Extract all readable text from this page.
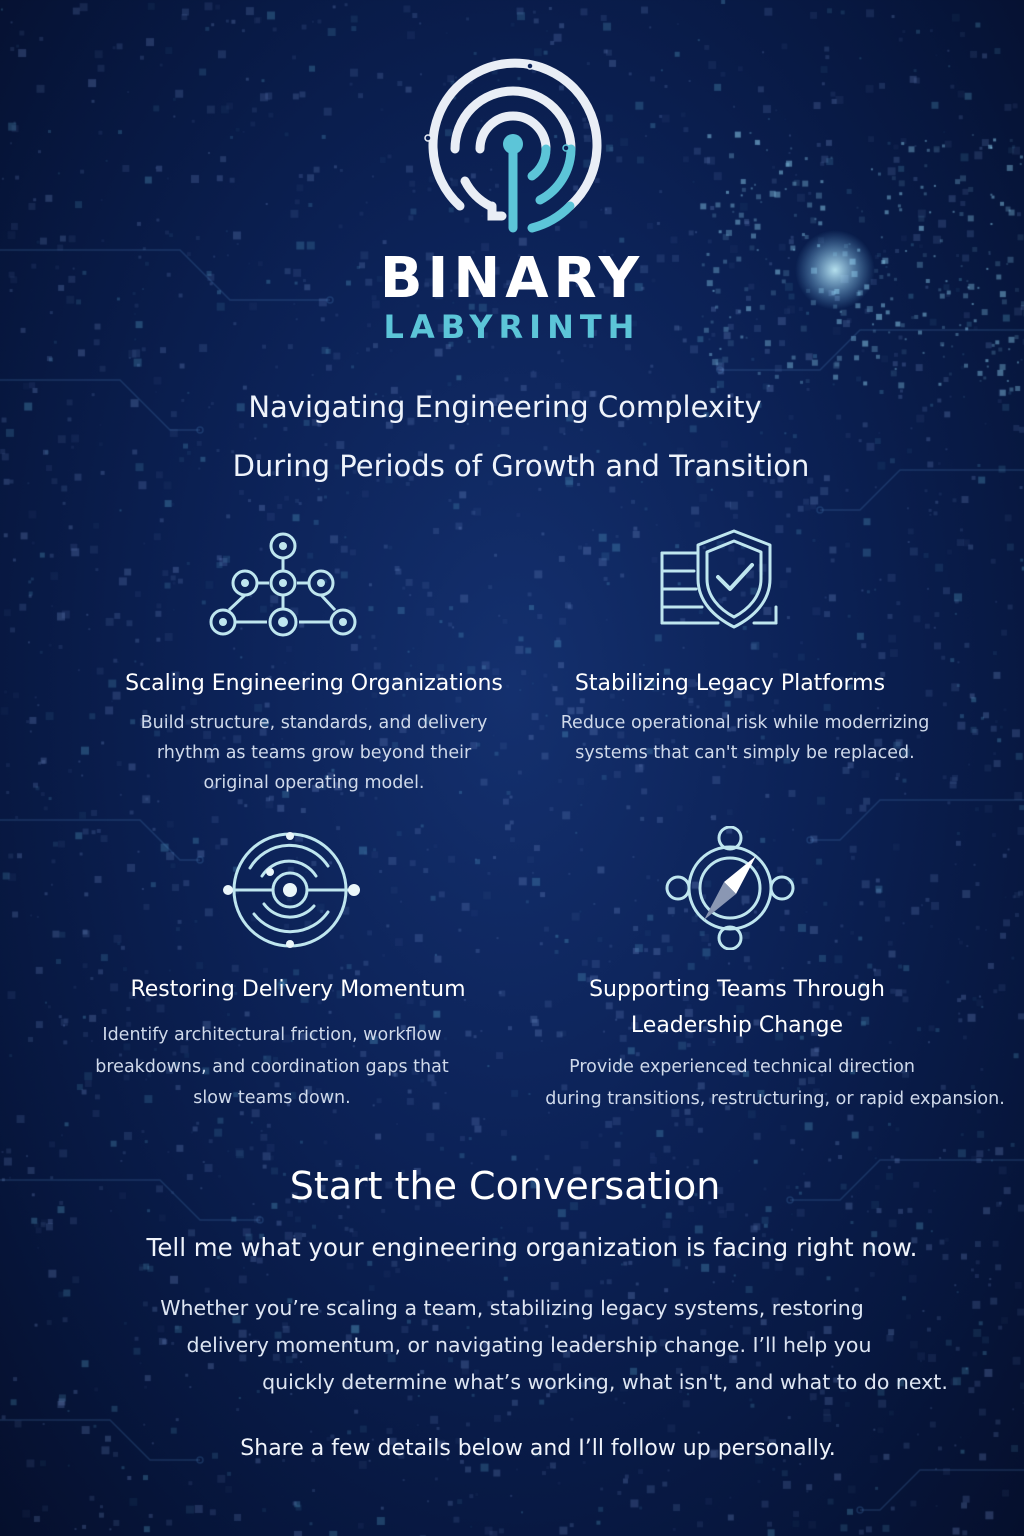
BINARY
LABYRINTH
Navigating Engineering Complexity
During Periods of Growth and Transition
Scaling Engineering Organizations
Build structure, standards, and delivery
rhythm as teams grow beyond their
original operating model.
Stabilizing Legacy Platforms
Reduce operational risk while moderrizing
systems that can't simply be replaced.
Restoring Delivery Momentum
Identify architectural friction, workflow
breakdowns, and coordination gaps that
slow teams down.
Supporting Teams Through
Leadership Change
Provide experienced technical direction
during transitions, restructuring, or rapid expansion.
Start the Conversation
Tell me what your engineering organization is facing right now.
Whether you’re scaling a team, stabilizing legacy systems, restoring
delivery momentum, or navigating leadership change. I’ll help you
quickly determine what’s working, what isn't, and what to do next.
Share a few details below and I’ll follow up personally.
